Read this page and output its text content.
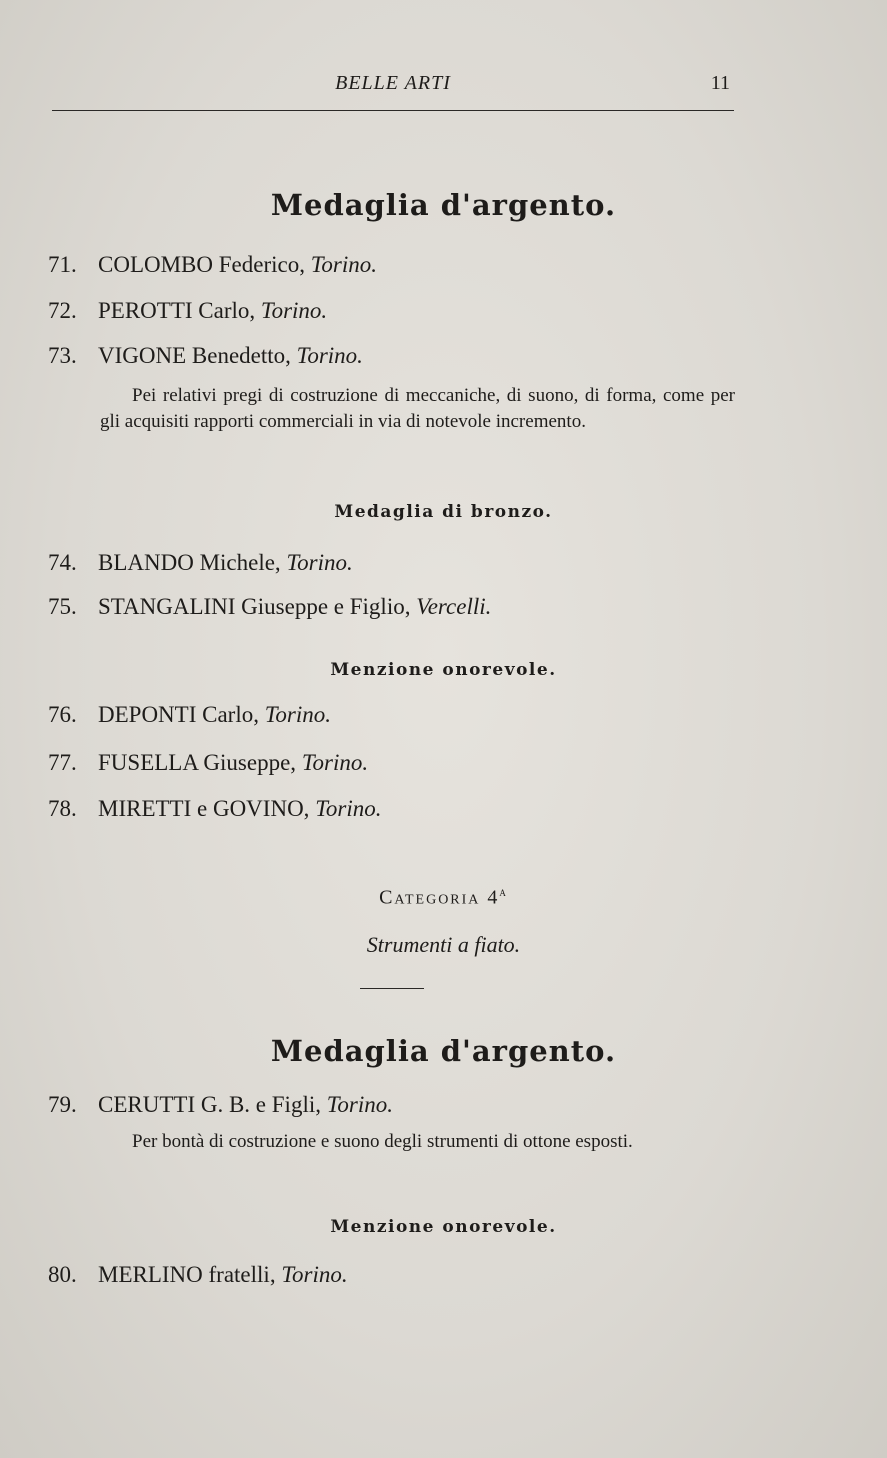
BELLE ARTI	11
Medaglia d'argento.
71. COLOMBO Federico, Torino.
72. PEROTTI Carlo, Torino.
73. VIGONE Benedetto, Torino.
Pei relativi pregi di costruzione di meccaniche, di suono, di forma, come per gli acquisiti rapporti commerciali in via di notevole incremento.
Medaglia di bronzo.
74. BLANDO Michele, Torino.
75. STANGALINI Giuseppe e Figlio, Vercelli.
Menzione onorevole.
76. DEPONTI Carlo, Torino.
77. FUSELLA Giuseppe, Torino.
78. MIRETTI e GOVINO, Torino.
Categoria 4$^a$
Strumenti a fiato.
Medaglia d'argento.
79. CERUTTI G. B. e Figli, Torino.
Per bontà di costruzione e suono degli strumenti di ottone esposti.
Menzione onorevole.
80. MERLINO fratelli, Torino.
